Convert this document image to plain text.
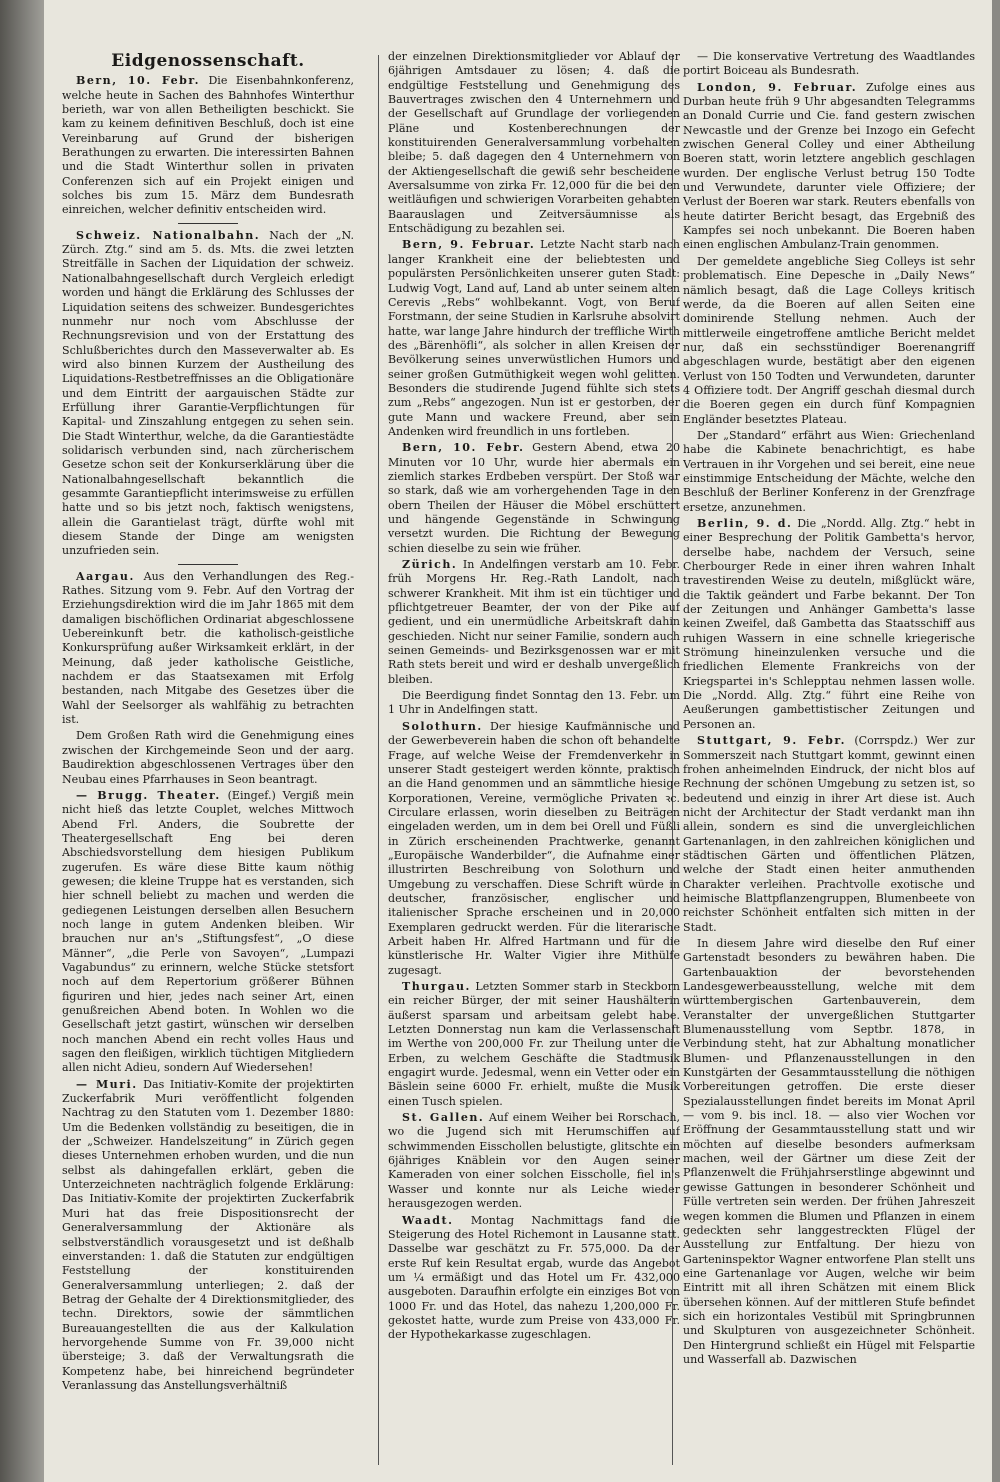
Eidgenossenschaft.

Bern, 10. Febr. Die Eisenbahnkonferenz, welche heute in Sachen des Bahnhofes Winterthur berieth, war von allen Betheiligten beschickt. Sie kam zu keinem definitiven Beschluß, doch ist eine Vereinbarung auf Grund der bisherigen Berathungen zu erwarten. Die interessirten Bahnen und die Stadt Winterthur sollen in privaten Conferenzen sich auf ein Projekt einigen und solches bis zum 15. März dem Bundesrath einreichen, welcher definitiv entscheiden wird.

Schweiz. Nationalbahn. Nach der „N. Zürch. Ztg.“ sind am 5. ds. Mts. die zwei letzten Streitfälle in Sachen der Liquidation der schweiz. Nationalbahngesellschaft durch Vergleich erledigt worden und hängt die Erklärung des Schlusses der Liquidation seitens des schweizer. Bundesgerichtes nunmehr nur noch vom Abschlusse der Rechnungsrevision und von der Erstattung des Schlußberichtes durch den Masseverwalter ab. Es wird also binnen Kurzem der Austheilung des Liquidations-Restbetreffnisses an die Obligationäre und dem Eintritt der aargauischen Städte zur Erfüllung ihrer Garantie-Verpflichtungen für Kapital- und Zinszahlung entgegen zu sehen sein. Die Stadt Winterthur, welche, da die Garantiestädte solidarisch verbunden sind, nach zürcherischem Gesetze schon seit der Konkurserklärung über die Nationalbahngesellschaft bekanntlich die gesammte Garantiepflicht interimsweise zu erfüllen hatte und so bis jetzt noch, faktisch wenigstens, allein die Garantielast trägt, dürfte wohl mit diesem Stande der Dinge am wenigsten unzufrieden sein.

Aargau. Aus den Verhandlungen des Reg.-Rathes. Sitzung vom 9. Febr. Auf den Vortrag der Erziehungsdirektion wird die im Jahr 1865 mit dem damaligen bischöflichen Ordinariat abgeschlossene Uebereinkunft betr. die katholisch-geistliche Konkursprüfung außer Wirksamkeit erklärt, in der Meinung, daß jeder katholische Geistliche, nachdem er das Staatsexamen mit Erfolg bestanden, nach Mitgabe des Gesetzes über die Wahl der Seelsorger als wahlfähig zu betrachten ist.

Dem Großen Rath wird die Genehmigung eines zwischen der Kirchgemeinde Seon und der aarg. Baudirektion abgeschlossenen Vertrages über den Neubau eines Pfarrhauses in Seon beantragt.

— Brugg. Theater. (Eingef.) Vergiß mein nicht hieß das letzte Couplet, welches Mittwoch Abend Frl. Anders, die Soubrette der Theatergesellschaft Eng bei deren Abschiedsvorstellung dem hiesigen Publikum zugerufen. Es wäre diese Bitte kaum nöthig gewesen; die kleine Truppe hat es verstanden, sich hier schnell beliebt zu machen und werden die gediegenen Leistungen derselben allen Besuchern noch lange in gutem Andenken bleiben. Wir brauchen nur an's „Stiftungsfest“, „O diese Männer“, „die Perle von Savoyen“, „Lumpazi Vagabundus“ zu erinnern, welche Stücke stetsfort noch auf dem Repertorium größerer Bühnen figuriren und hier, jedes nach seiner Art, einen genußreichen Abend boten. In Wohlen wo die Gesellschaft jetzt gastirt, wünschen wir derselben noch manchen Abend ein recht volles Haus und sagen den fleißigen, wirklich tüchtigen Mitgliedern allen nicht Adieu, sondern Auf Wiedersehen!

— Muri. Das Initiativ-Komite der projektirten Zuckerfabrik Muri veröffentlicht folgenden Nachtrag zu den Statuten vom 1. Dezember 1880: Um die Bedenken vollständig zu beseitigen, die in der „Schweizer. Handelszeitung“ in Zürich gegen dieses Unternehmen erhoben wurden, und die nun selbst als dahingefallen erklärt, geben die Unterzeichneten nachträglich folgende Erklärung: Das Initiativ-Komite der projektirten Zuckerfabrik Muri hat das freie Dispositionsrecht der Generalversammlung der Aktionäre als selbstverständlich vorausgesetzt und ist deßhalb einverstanden: 1. daß die Statuten zur endgültigen Feststellung der konstituirenden Generalversammlung unterliegen; 2. daß der Betrag der Gehalte der 4 Direktionsmitglieder, des techn. Direktors, sowie der sämmtlichen Bureauangestellten die aus der Kalkulation hervorgehende Summe von Fr. 39,000 nicht übersteige; 3. daß der Verwaltungsrath die Kompetenz habe, bei hinreichend begründeter Veranlassung das Anstellungsverhältniß

der einzelnen Direktionsmitglieder vor Ablauf der 6jährigen Amtsdauer zu lösen; 4. daß die endgültige Feststellung und Genehmigung des Bauvertrages zwischen den 4 Unternehmern und der Gesellschaft auf Grundlage der vorliegenden Pläne und Kostenberechnungen der konstituirenden Generalversammlung vorbehalten bleibe; 5. daß dagegen den 4 Unternehmern von der Aktiengesellschaft die gewiß sehr bescheidene Aversalsumme von zirka Fr. 12,000 für die bei den weitläufigen und schwierigen Vorarbeiten gehabten Baarauslagen und Zeitversäumnisse als Entschädigung zu bezahlen sei.

Bern, 9. Februar. Letzte Nacht starb nach langer Krankheit eine der beliebtesten und populärsten Persönlichkeiten unserer guten Stadt: Ludwig Vogt, Land auf, Land ab unter seinem alten Cerevis „Rebs“ wohlbekannt. Vogt, von Beruf Forstmann, der seine Studien in Karlsruhe absolvirt hatte, war lange Jahre hindurch der treffliche Wirth des „Bärenhöfli“, als solcher in allen Kreisen der Bevölkerung seines unverwüstlichen Humors und seiner großen Gutmüthigkeit wegen wohl gelitten. Besonders die studirende Jugend fühlte sich stets zum „Rebs“ angezogen. Nun ist er gestorben, der gute Mann und wackere Freund, aber sein Andenken wird freundlich in uns fortleben.

Bern, 10. Febr. Gestern Abend, etwa 20 Minuten vor 10 Uhr, wurde hier abermals ein ziemlich starkes Erdbeben verspürt. Der Stoß war so stark, daß wie am vorhergehenden Tage in den obern Theilen der Häuser die Möbel erschüttert und hängende Gegenstände in Schwingung versetzt wurden. Die Richtung der Bewegung schien dieselbe zu sein wie früher.

Zürich. In Andelfingen verstarb am 10. Febr. früh Morgens Hr. Reg.-Rath Landolt, nach schwerer Krankheit. Mit ihm ist ein tüchtiger und pflichtgetreuer Beamter, der von der Pike auf gedient, und ein unermüdliche Arbeitskraft dahin geschieden. Nicht nur seiner Familie, sondern auch seinen Gemeinds- und Bezirksgenossen war er mit Rath stets bereit und wird er deshalb unvergeßlich bleiben.

Die Beerdigung findet Sonntag den 13. Febr. um 1 Uhr in Andelfingen statt.

Solothurn. Der hiesige Kaufmännische und der Gewerbeverein haben die schon oft behandelte Frage, auf welche Weise der Fremdenverkehr in unserer Stadt gesteigert werden könnte, praktisch an die Hand genommen und an sämmtliche hiesige Korporationen, Vereine, vermögliche Privaten ꝛc. Circulare erlassen, worin dieselben zu Beiträgen eingeladen werden, um in dem bei Orell und Füßli in Zürich erscheinenden Prachtwerke, genannt „Europäische Wanderbilder“, die Aufnahme einer illustrirten Beschreibung von Solothurn und Umgebung zu verschaffen. Diese Schrift würde in deutscher, französischer, englischer und italienischer Sprache erscheinen und in 20,000 Exemplaren gedruckt werden. Für die literarische Arbeit haben Hr. Alfred Hartmann und für die künstlerische Hr. Walter Vigier ihre Mithülfe zugesagt.

Thurgau. Letzten Sommer starb in Steckborn ein reicher Bürger, der mit seiner Haushälterin äußerst sparsam und arbeitsam gelebt habe. Letzten Donnerstag nun kam die Verlassenschaft im Werthe von 200,000 Fr. zur Theilung unter die Erben, zu welchem Geschäfte die Stadtmusik engagirt wurde. Jedesmal, wenn ein Vetter oder ein Bäslein seine 6000 Fr. erhielt, mußte die Musik einen Tusch spielen.

St. Gallen. Auf einem Weiher bei Rorschach, wo die Jugend sich mit Herumschiffen auf schwimmenden Eisschollen belustigte, glitschte ein 6jähriges Knäblein vor den Augen seiner Kameraden von einer solchen Eisscholle, fiel in's Wasser und konnte nur als Leiche wieder herausgezogen werden.

Waadt. Montag Nachmittags fand die Steigerung des Hotel Richemont in Lausanne statt. Dasselbe war geschätzt zu Fr. 575,000. Da der erste Ruf kein Resultat ergab, wurde das Angebot um ¼ ermäßigt und das Hotel um Fr. 432,000 ausgeboten. Daraufhin erfolgte ein einziges Bot von 1000 Fr. und das Hotel, das nahezu 1,200,000 Fr. gekostet hatte, wurde zum Preise von 433,000 Fr. der Hypothekarkasse zugeschlagen.

— Die konservative Vertretung des Waadtlandes portirt Boiceau als Bundesrath.

London, 9. Februar. Zufolge eines aus Durban heute früh 9 Uhr abgesandten Telegramms an Donald Currie und Cie. fand gestern zwischen Newcastle und der Grenze bei Inzogo ein Gefecht zwischen General Colley und einer Abtheilung Boeren statt, worin letztere angeblich geschlagen wurden. Der englische Verlust betrug 150 Todte und Verwundete, darunter viele Offiziere; der Verlust der Boeren war stark. Reuters ebenfalls von heute datirter Bericht besagt, das Ergebniß des Kampfes sei noch unbekannt. Die Boeren haben einen englischen Ambulanz-Train genommen.

Der gemeldete angebliche Sieg Colleys ist sehr problematisch. Eine Depesche in „Daily News“ nämlich besagt, daß die Lage Colleys kritisch werde, da die Boeren auf allen Seiten eine dominirende Stellung nehmen. Auch der mittlerweile eingetroffene amtliche Bericht meldet nur, daß ein sechsstündiger Boerenangriff abgeschlagen wurde, bestätigt aber den eigenen Verlust von 150 Todten und Verwundeten, darunter 4 Offiziere todt. Der Angriff geschah diesmal durch die Boeren gegen ein durch fünf Kompagnien Engländer besetztes Plateau.

Der „Standard“ erfährt aus Wien: Griechenland habe die Kabinete benachrichtigt, es habe Vertrauen in ihr Vorgehen und sei bereit, eine neue einstimmige Entscheidung der Mächte, welche den Beschluß der Berliner Konferenz in der Grenzfrage ersetze, anzunehmen.

Berlin, 9. d. Die „Nordd. Allg. Ztg.“ hebt in einer Besprechung der Politik Gambetta's hervor, derselbe habe, nachdem der Versuch, seine Cherbourger Rede in einer ihren wahren Inhalt travestirenden Weise zu deuteln, mißglückt wäre, die Taktik geändert und Farbe bekannt. Der Ton der Zeitungen und Anhänger Gambetta's lasse keinen Zweifel, daß Gambetta das Staatsschiff aus ruhigen Wassern in eine schnelle kriegerische Strömung hineinzulenken versuche und die friedlichen Elemente Frankreichs von der Kriegspartei in's Schlepptau nehmen lassen wolle. Die „Nordd. Allg. Ztg.“ führt eine Reihe von Aeußerungen gambettistischer Zeitungen und Personen an.

Stuttgart, 9. Febr. (Corrspdz.) Wer zur Sommerszeit nach Stuttgart kommt, gewinnt einen frohen anheimelnden Eindruck, der nicht blos auf Rechnung der schönen Umgebung zu setzen ist, so bedeutend und einzig in ihrer Art diese ist. Auch nicht der Architectur der Stadt verdankt man ihn allein, sondern es sind die unvergleichlichen Gartenanlagen, in den zahlreichen königlichen und städtischen Gärten und öffentlichen Plätzen, welche der Stadt einen heiter anmuthenden Charakter verleihen. Prachtvolle exotische und heimische Blattpflanzengruppen, Blumenbeete von reichster Schönheit entfalten sich mitten in der Stadt.

In diesem Jahre wird dieselbe den Ruf einer Gartenstadt besonders zu bewähren haben. Die Gartenbauaktion der bevorstehenden Landesgewerbeausstellung, welche mit dem württembergischen Gartenbauverein, dem Veranstalter der unvergeßlichen Stuttgarter Blumenausstellung vom Septbr. 1878, in Verbindung steht, hat zur Abhaltung monatlicher Blumen- und Pflanzenausstellungen in den Kunstgärten der Gesammtausstellung die nöthigen Vorbereitungen getroffen. Die erste dieser Spezialausstellungen findet bereits im Monat April — vom 9. bis incl. 18. — also vier Wochen vor Eröffnung der Gesammtausstellung statt und wir möchten auf dieselbe besonders aufmerksam machen, weil der Gärtner um diese Zeit der Pflanzenwelt die Frühjahrserstlinge abgewinnt und gewisse Gattungen in besonderer Schönheit und Fülle vertreten sein werden. Der frühen Jahreszeit wegen kommen die Blumen und Pflanzen in einem gedeckten sehr langgestreckten Flügel der Ausstellung zur Entfaltung. Der hiezu von Garteninspektor Wagner entworfene Plan stellt uns eine Gartenanlage vor Augen, welche wir beim Eintritt mit all ihren Schätzen mit einem Blick übersehen können. Auf der mittleren Stufe befindet sich ein horizontales Vestibül mit Springbrunnen und Skulpturen von ausgezeichneter Schönheit. Den Hintergrund schließt ein Hügel mit Felspartie und Wasserfall ab. Dazwischen
